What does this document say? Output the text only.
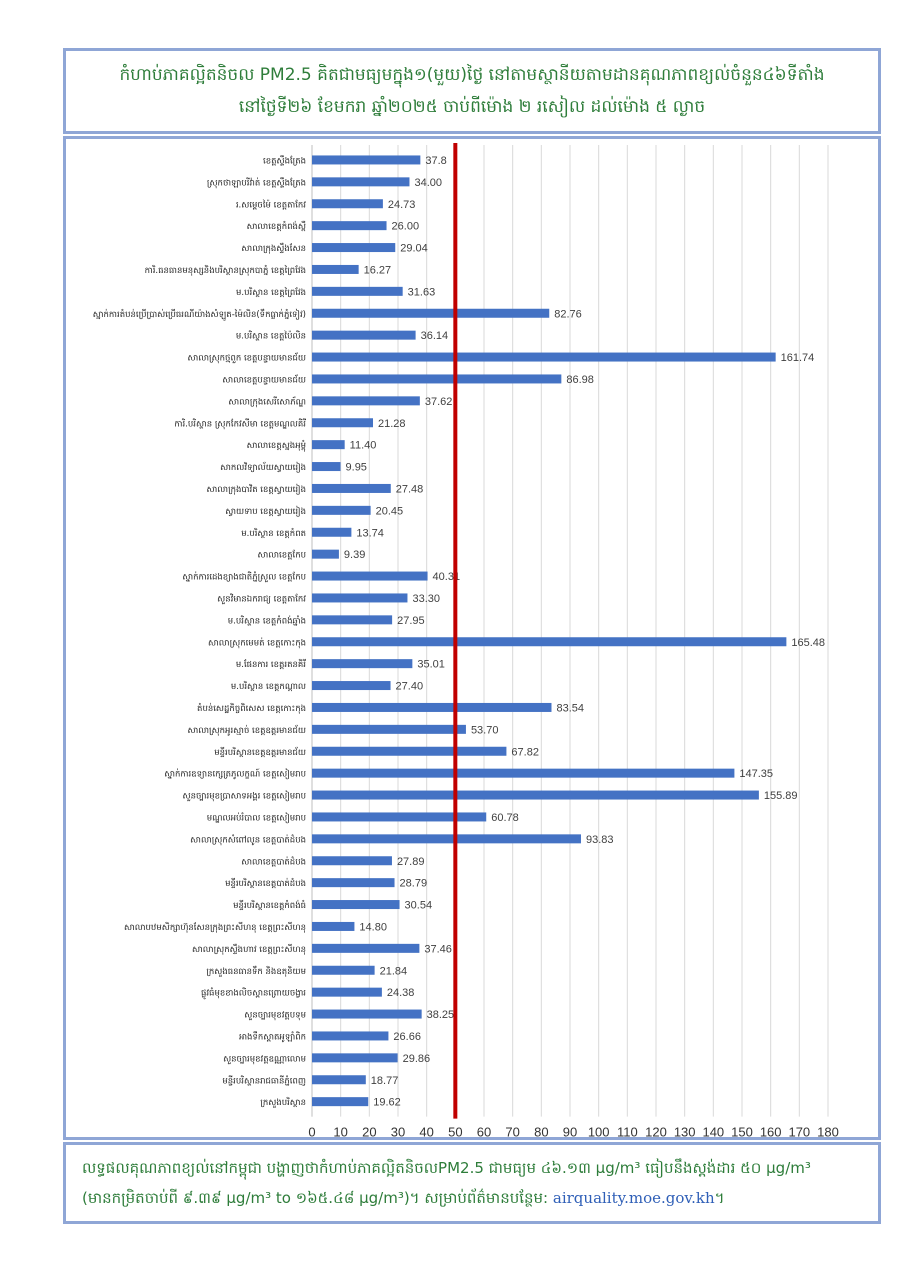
កំហាប់ភាគល្អិតនិចល PM2.5 គិតជាមធ្យមក្នុង១(មួយ)ថ្ងៃ នៅតាមស្ថានីយតាមដានគុណភាពខ្យល់ចំនួន៤៦ទីតាំង
នៅថ្ងៃទី២៦ ខែមករា ឆ្នាំ២០២៥ ចាប់ពីម៉ោង ២ រសៀល ដល់ម៉ោង ៥ ល្ងាច
0 10 20 30 40 50 60 70 80 90 100 110 120 130 140 150 160 170 180
ខេត្តស្ទឹងត្រែង	37.8
ស្រុកថាឡាបរិវ៉ាត់ ខេត្តស្ទឹងត្រែង	34.00
រ.សម្តេចម៉ៃ ខេត្តតាកែវ	24.73
សាលាខេត្តកំពង់ស្ពឺ	26.00
សាលាក្រុងស្ទឹងសែន	29.04
ការិ.ធនធានមនុស្សនិងបរិស្ថានស្រុកបាភ្នំ ខេត្តព្រៃវែង	16.27
ម.បរិស្ថាន ខេត្តព្រៃវែង	31.63
ស្នាក់ការតំបន់ប្រើប្រាស់ប្រើធរណីយ៉ាងសំឡូត-ម៉ៃលិន(ទឹកធ្លាក់ភ្នំទៀវ)	82.76
ម.បរិស្ថាន ខេត្តប៉ៃលិន	36.14
សាលាស្រុកថ្មពួក ខេត្តបន្ទាយមានជ័យ	161.74
សាលាខេត្តបន្ទាយមានជ័យ	86.98
សាលាក្រុងសេរីសោភ័ណ្ឌ	37.62
ការិ.បរិស្ថាន ស្រុកកែវសីមា ខេត្តមណ្ឌលគិរី	21.28
សាលាខេត្តស្នងអុម្ពុំ	11.40
សាកលវិទ្យាល័យស្វាយរៀង	9.95
សាលាក្រុងបាវិត ខេត្តស្វាយរៀង	27.48
ស្វាយទាប ខេត្តស្វាយរៀង	20.45
ម.បរិស្ថាន ខេត្តកំពត	13.74
សាលាខេត្តកែប	9.39
ស្នាក់ការដេងខ្យាងជាតិភ្នំស្រួល ខេត្តកែប	40.31
សួនវិមានឯករាជ្យ ខេត្តតាកែវ	33.30
ម.បរិស្ថាន ខេត្តកំពង់ឆ្នាំង	27.95
សាលាស្រុកមេមត់ ខេត្តកោះកុង	165.48
ម.ផែនការ ខេត្តរតនគិរី	35.01
ម.បរិស្ថាន ខេត្តកណ្តាល	27.40
តំបន់សេដ្ឋកិច្ចពិសេស ខេត្តកោះកុង	83.54
សាលាស្រុកអូរស្មាច់ ខេត្តឧត្តរមានជ័យ	53.70
មន្ទីរបរិស្ថានខេត្តឧត្តរមានជ័យ	67.82
ស្នាក់ការឧទ្យានក្សេត្រភូលក្ខណ៍ ខេត្តសៀមរាប	147.35
សួនច្បារមុខប្រាសាទអង្គរ ខេត្តសៀមរាប	155.89
មណ្ឌលអប់រំបាល ខេត្តសៀមរាប	60.78
សាលាស្រុកសំពៅលូន ខេត្តបាត់ដំបង	93.83
សាលាខេត្តបាត់ដំបង	27.89
មន្ទីរបរិស្ថានខេត្តបាត់ដំបង	28.79
មន្ទីរបរិស្ថានខេត្តកំពង់ធំ	30.54
សាលាបឋមសិក្សាហ៊ុនសែនក្រុងព្រះសីហនុ ខេត្តព្រះសីហនុ	14.80
សាលាស្រុកស្ទឹងហាវ ខេត្តព្រះសីហនុ	37.46
ក្រសួងធនធានទឹក និងឧតុនិយម	21.84
ផ្លូវធំមុខខាងលិចស្ពានព្រោយចង្វារ	24.38
សួនច្បារមុខវត្តបទុម	38.25
អាងទឹកស្តាតអូឡាំពិក	26.66
សួនច្បារមុខវត្តឧណ្ណាលោម	29.86
មន្ទីរបរិស្ថានរាជធានីភ្នំពេញ	18.77
ក្រសួងបរិស្ថាន	19.62
លទ្ធផលគុណភាពខ្យល់នៅកម្ពុជា បង្ហាញថាកំហាប់ភាគល្អិតនិចលPM2.5 ជាមធ្យម ៤៦.១៣ µg/m³ ធៀបនឹងស្តង់ដារ ៥០ µg/m³
(មានកម្រិតចាប់ពី ៩.៣៩ µg/m³ to ១៦៥.៤៨ µg/m³)។ សម្រាប់ព័ត៌មានបន្ថែម: airquality.moe.gov.kh។
